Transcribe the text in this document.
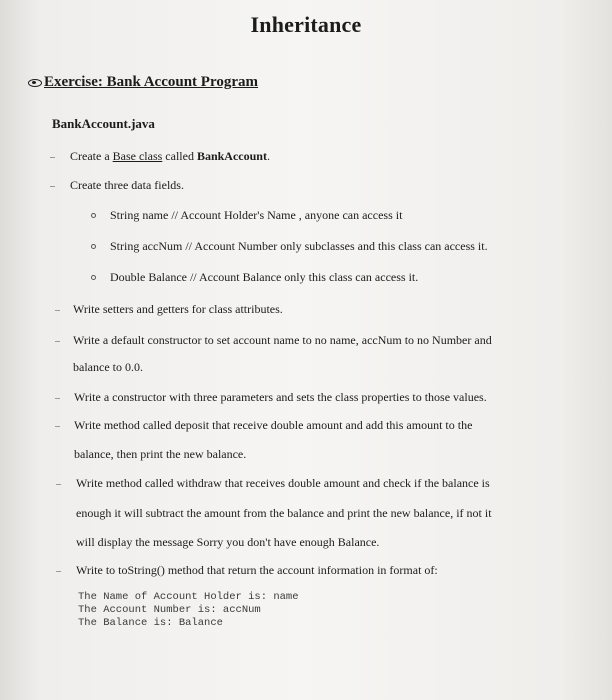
Inheritance
Exercise: Bank Account Program
BankAccount.java
Create a Base class called BankAccount.
Create three data fields.
String name // Account Holder's Name , anyone can access it
String accNum // Account Number only subclasses and this class can access it.
Double Balance // Account Balance only this class can access it.
Write setters and getters for class attributes.
Write a default constructor to set account name to no name, accNum to no Number and
balance to 0.0.
Write a constructor with three parameters and sets the class properties to those values.
Write method called deposit that receive double amount and add this amount to the
balance, then print the new balance.
Write method called withdraw that receives double amount and check if the balance is
enough it will subtract the amount from the balance and print the new balance, if not it
will display the message Sorry you don't have enough Balance.
Write to toString() method that return the account information in format of:
The Name of Account Holder is: name
The Account Number is: accNum
The Balance is: Balance
